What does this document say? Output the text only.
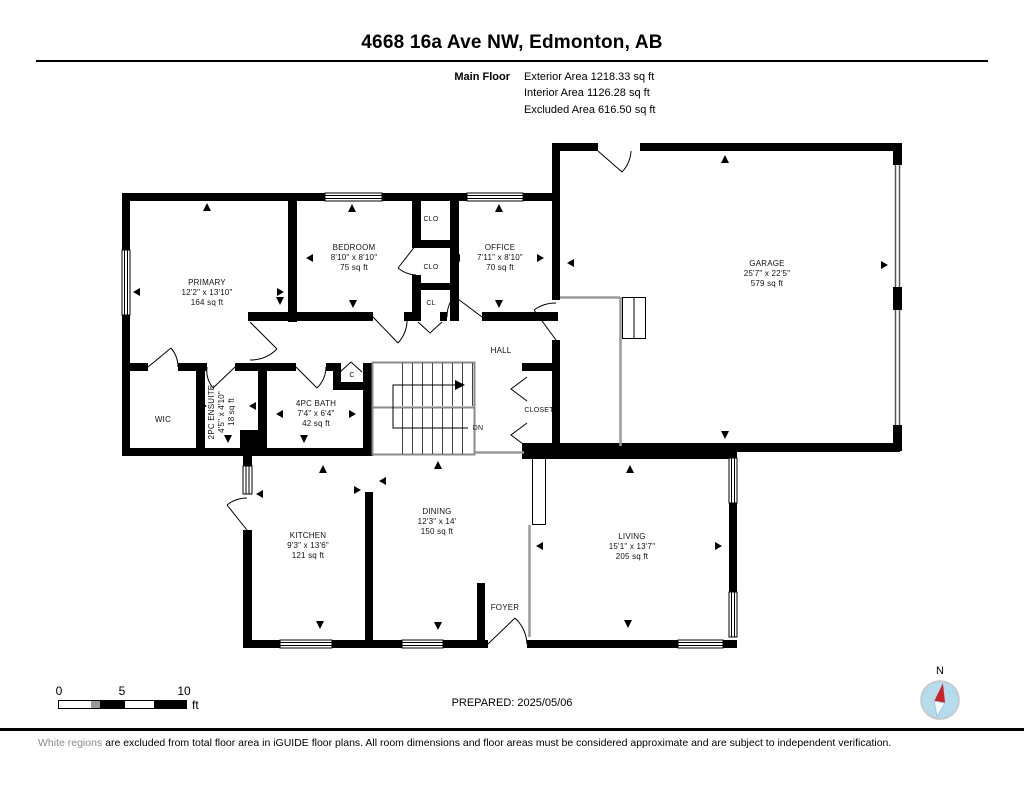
4668 16a Ave NW, Edmonton, AB
Main Floor Exterior Area 1218.33 sq ft
Interior Area 1126.28 sq ft
Excluded Area 616.50 sq ft
PRIMARY
12'2" x 13'10"
164 sq ft
BEDROOM
8'10" x 8'10"
75 sq ft
OFFICE
7'11" x 8'10"
70 sq ft	GARAGE
25'7" x 22'5"
579 sq ft
4PC BATH
7'4" x 6'4"
42 sq ft
2PC ENSUITE 4'5" x 4'10" 18 sq ft
KITCHEN
9'3" x 13'6"
121 sq ft
DINING
12'3" x 14'
150 sq ft
LIVING
15'1" x 13'7"
205 sq ft
WIC
HALL
CLOSET
FOYER
CLO
CLO
CL
C
DN
0	5	10
ft	PREPARED: 2025/05/06
N
White regions are excluded from total floor area in iGUIDE floor plans. All room dimensions and floor areas must be considered approximate and are subject to independent verification.
